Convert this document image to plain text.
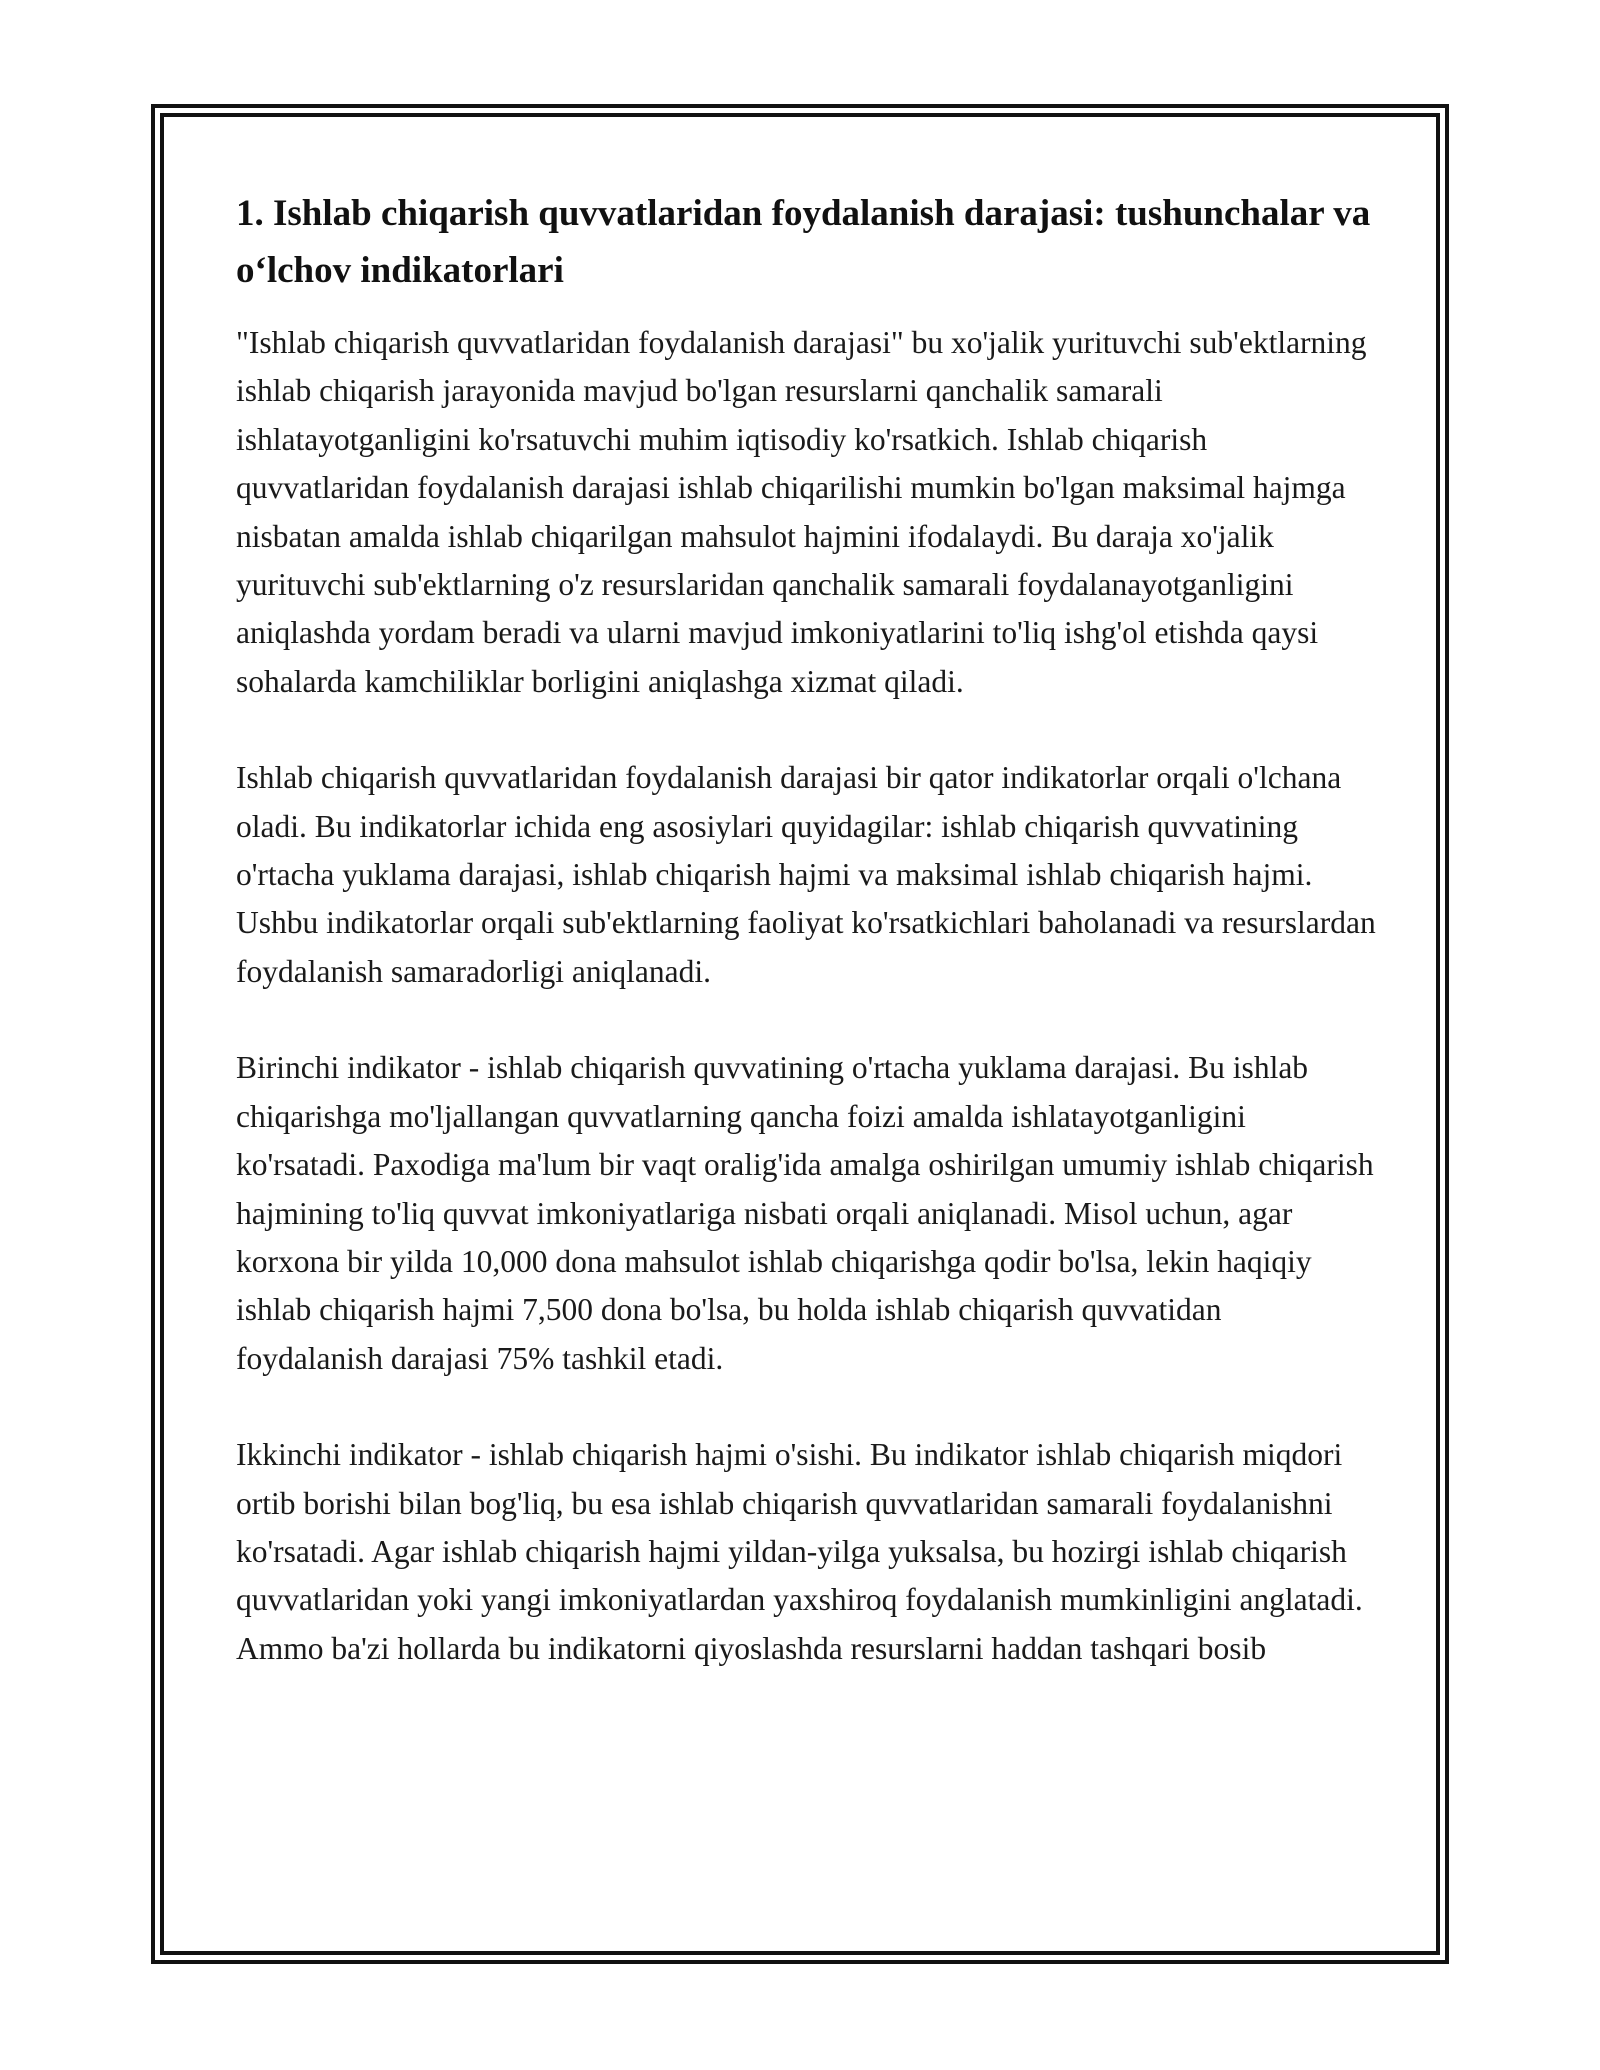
1. Ishlab chiqarish quvvatlaridan foydalanish darajasi: tushunchalar va o‘lchov indikatorlari

"Ishlab chiqarish quvvatlaridan foydalanish darajasi" bu xo'jalik yurituvchi sub'ektlarning ishlab chiqarish jarayonida mavjud bo'lgan resurslarni qanchalik samarali ishlatayotganligini ko'rsatuvchi muhim iqtisodiy ko'rsatkich. Ishlab chiqarish quvvatlaridan foydalanish darajasi ishlab chiqarilishi mumkin bo'lgan maksimal hajmga nisbatan amalda ishlab chiqarilgan mahsulot hajmini ifodalaydi. Bu daraja xo'jalik yurituvchi sub'ektlarning o'z resurslaridan qanchalik samarali foydalanayotganligini aniqlashda yordam beradi va ularni mavjud imkoniyatlarini to'liq ishg'ol etishda qaysi sohalarda kamchiliklar borligini aniqlashga xizmat qiladi.

Ishlab chiqarish quvvatlaridan foydalanish darajasi bir qator indikatorlar orqali o'lchana oladi. Bu indikatorlar ichida eng asosiylari quyidagilar: ishlab chiqarish quvvatining o'rtacha yuklama darajasi, ishlab chiqarish hajmi va maksimal ishlab chiqarish hajmi. Ushbu indikatorlar orqali sub'ektlarning faoliyat ko'rsatkichlari baholanadi va resurslardan foydalanish samaradorligi aniqlanadi.

Birinchi indikator - ishlab chiqarish quvvatining o'rtacha yuklama darajasi. Bu ishlab chiqarishga mo'ljallangan quvvatlarning qancha foizi amalda ishlatayotganligini ko'rsatadi. Paxodiga ma'lum bir vaqt oralig'ida amalga oshirilgan umumiy ishlab chiqarish hajmining to'liq quvvat imkoniyatlariga nisbati orqali aniqlanadi. Misol uchun, agar korxona bir yilda 10,000 dona mahsulot ishlab chiqarishga qodir bo'lsa, lekin haqiqiy ishlab chiqarish hajmi 7,500 dona bo'lsa, bu holda ishlab chiqarish quvvatidan foydalanish darajasi 75% tashkil etadi.

Ikkinchi indikator - ishlab chiqarish hajmi o'sishi. Bu indikator ishlab chiqarish miqdori ortib borishi bilan bog'liq, bu esa ishlab chiqarish quvvatlaridan samarali foydalanishni ko'rsatadi. Agar ishlab chiqarish hajmi yildan-yilga yuksalsa, bu hozirgi ishlab chiqarish quvvatlaridan yoki yangi imkoniyatlardan yaxshiroq foydalanish mumkinligini anglatadi. Ammo ba'zi hollarda bu indikatorni qiyoslashda resurslarni haddan tashqari bosib
